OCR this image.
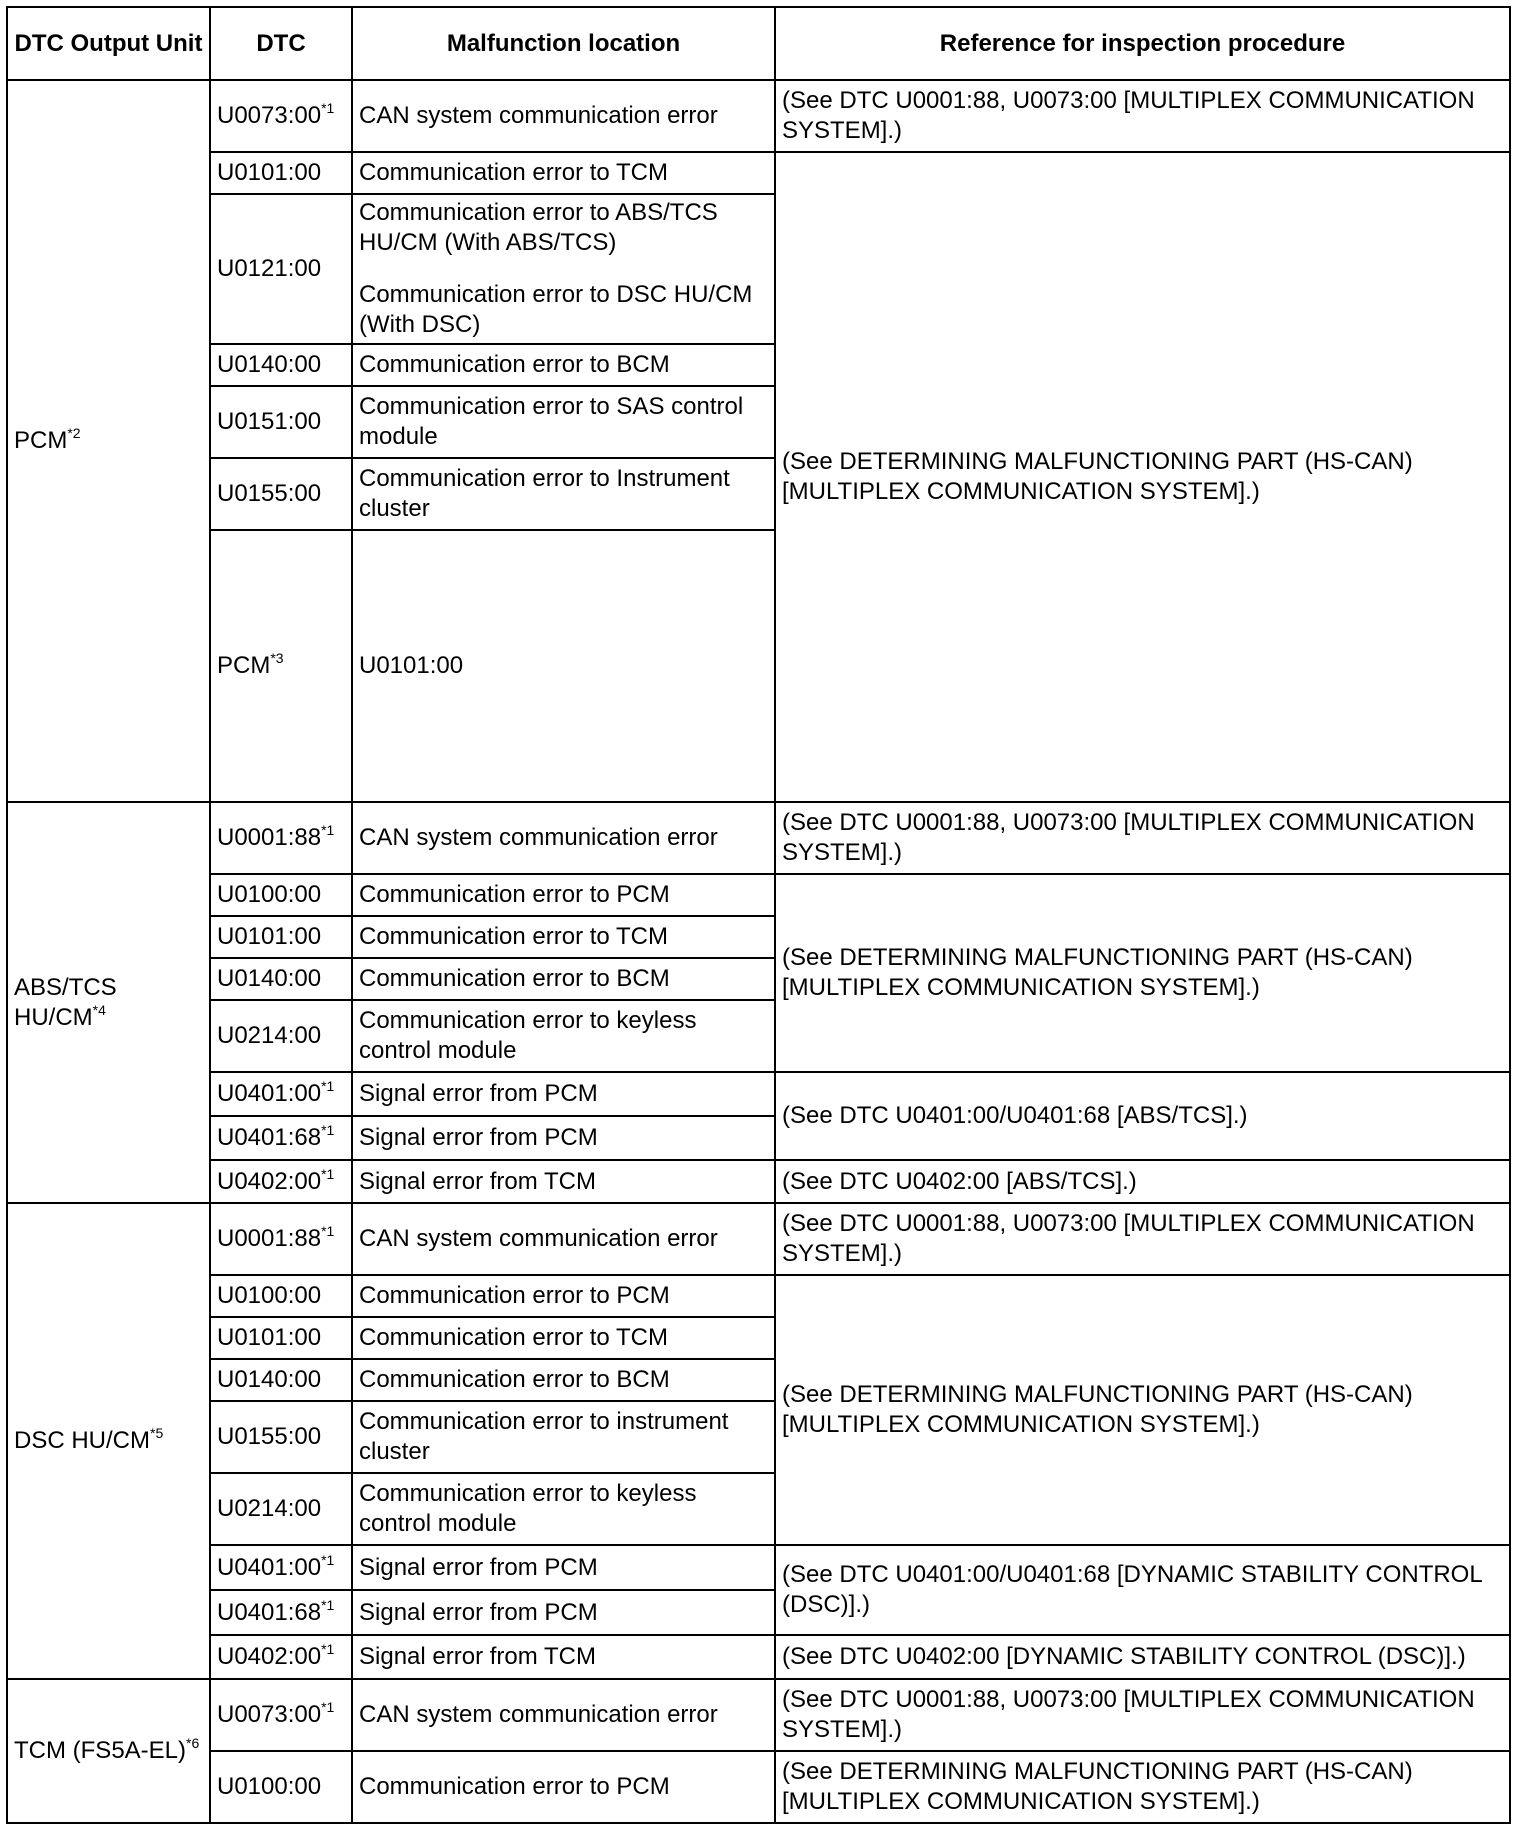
DTC Output Unit	DTC	Malfunction location	Reference for inspection procedure	
PCM$^{*2}$	U0073:00$^{*1}$	CAN system communication error	(See DTC U0001:88, U0073:00 [MULTIPLEX COMMUNICATION SYSTEM].)	
	U0101:00	Communication error to TCM	(See DETERMINING MALFUNCTIONING PART (HS-CAN) [MULTIPLEX COMMUNICATION SYSTEM].)	
	U0121:00	Communication error to ABS/TCS HU/CM (With ABS/TCS)
Communication error to DSC HU/CM (With DSC)		

	U0140:00	Communication error to BCM		
	U0151:00	Communication error to SAS control module		
	U0155:00	Communication error to Instrument cluster		
	PCM$^{*3}$	U0101:00		
ABS/TCS HU/CM$^{*4}$	U0001:88$^{*1}$	CAN system communication error	(See DTC U0001:88, U0073:00 [MULTIPLEX COMMUNICATION SYSTEM].)	
	U0100:00	Communication error to PCM	(See DETERMINING MALFUNCTIONING PART (HS-CAN) [MULTIPLEX COMMUNICATION SYSTEM].)	
	U0101:00	Communication error to TCM		
	U0140:00	Communication error to BCM		
	U0214:00	Communication error to keyless control module		
	U0401:00$^{*1}$	Signal error from PCM	(See DTC U0401:00/U0401:68 [ABS/TCS].)	
	U0401:68$^{*1}$	Signal error from PCM		
	U0402:00$^{*1}$	Signal error from TCM	(See DTC U0402:00 [ABS/TCS].)	
DSC HU/CM$^{*5}$	U0001:88$^{*1}$	CAN system communication error	(See DTC U0001:88, U0073:00 [MULTIPLEX COMMUNICATION SYSTEM].)	
	U0100:00	Communication error to PCM	(See DETERMINING MALFUNCTIONING PART (HS-CAN) [MULTIPLEX COMMUNICATION SYSTEM].)	
	U0101:00	Communication error to TCM		
	U0140:00	Communication error to BCM		
	U0155:00	Communication error to instrument cluster		
	U0214:00	Communication error to keyless control module		
	U0401:00$^{*1}$	Signal error from PCM	(See DTC U0401:00/U0401:68 [DYNAMIC STABILITY CONTROL (DSC)].)	
	U0401:68$^{*1}$	Signal error from PCM		
	U0402:00$^{*1}$	Signal error from TCM	(See DTC U0402:00 [DYNAMIC STABILITY CONTROL (DSC)].)	
TCM $(FS5A-EL)^{*6}$	U0073:00$^{*1}$	CAN system communication error	(See DTC U0001:88, U0073:00 [MULTIPLEX COMMUNICATION SYSTEM].)	
	U0100:00	Communication error to PCM	(See DETERMINING MALFUNCTIONING PART (HS-CAN) [MULTIPLEX COMMUNICATION SYSTEM].)	
